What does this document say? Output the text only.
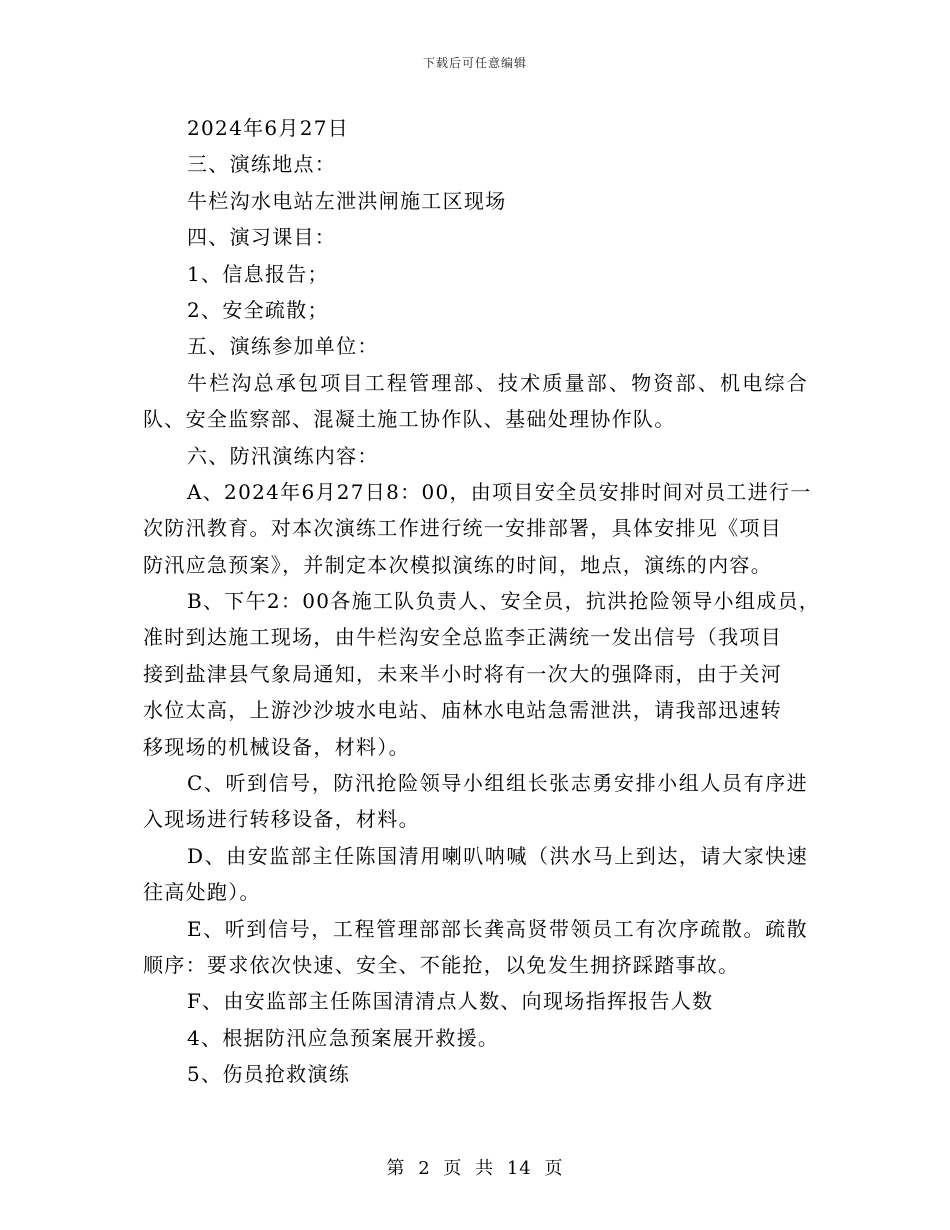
下载后可任意编辑
2024年6月27日
三、演练地点：
牛栏沟水电站左泄洪闸施工区现场
四、演习课目：
1、信息报告；
2、安全疏散；
五、演练参加单位：
牛栏沟总承包项目工程管理部、技术质量部、物资部、机电综合
队、安全监察部、混凝土施工协作队、基础处理协作队。
六、防汛演练内容：
A、2024年6月27日8：00，由项目安全员安排时间对员工进行一
次防汛教育。对本次演练工作进行统一安排部署，具体安排见《项目
防汛应急预案》，并制定本次模拟演练的时间，地点，演练的内容。
B、下午2：00各施工队负责人、安全员，抗洪抢险领导小组成员，
准时到达施工现场，由牛栏沟安全总监李正满统一发出信号（我项目
接到盐津县气象局通知，未来半小时将有一次大的强降雨，由于关河
水位太高，上游沙沙坡水电站、庙林水电站急需泄洪，请我部迅速转
移现场的机械设备，材料）。
C、听到信号，防汛抢险领导小组组长张志勇安排小组人员有序进
入现场进行转移设备，材料。
D、由安监部主任陈国清用喇叭呐喊（洪水马上到达，请大家快速
往高处跑）。
E、听到信号，工程管理部部长龚高贤带领员工有次序疏散。疏散
顺序：要求依次快速、安全、不能抢，以免发生拥挤踩踏事故。
F、由安监部主任陈国清清点人数、向现场指挥报告人数
4、根据防汛应急预案展开救援。
5、伤员抢救演练
第 2 页 共 14 页
